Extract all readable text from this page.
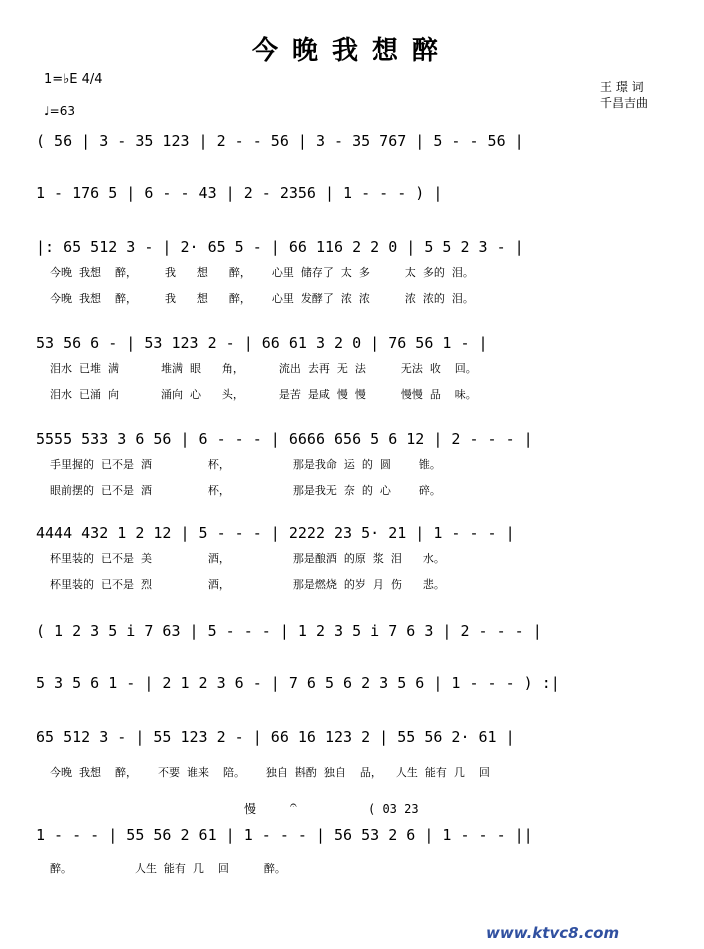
今晚我想醉
1=♭E 4/4
♩=63
王 璟 词
千昌吉曲
( 56 | 3 - 35 123 | 2 - - 56 | 3 - 35 767 | 5 - - 56 |
1 - 176 5 | 6 - - 43 | 2 - 2356 | 1 - - - ) |
|: 65 512 3 - | 2· 65 5 - | 66 116 2 2 0 | 5 5 2 3 - |
今晚  我想    醉，        我      想      醉，      心里  储存了  太  多          太  多的  泪。
今晚  我想    醉，        我      想      醉，      心里  发酵了  浓  浓          浓  浓的  泪。
53 56 6 - | 53 123 2 - | 66 61 3 2 0 | 76 56 1 - |
泪水  已堆  满            堆满  眼      角，          流出  去再  无  法          无法  收    回。
泪水  已涌  向            涌向  心      头，          是苦  是咸  慢  慢          慢慢  品    味。
5555 533 3 6 56 | 6 - - - | 6666 656 5 6 12 | 2 - - - |
手里握的  已不是  酒                杯，                  那是我命  运  的  圆        锥。
眼前摆的  已不是  酒                杯，                  那是我无  奈  的  心        碎。
4444 432 1 2 12 | 5 - - - | 2222 23 5· 21 | 1 - - - |
杯里装的  已不是  美                酒，                  那是酿酒  的原  浆  泪      水。
杯里装的  已不是  烈                酒，                  那是燃烧  的岁  月  伤      悲。
( 1 2 3 5 i 7 63 | 5 - - - | 1 2 3 5 i 7 6 3 | 2 - - - |
5 3 5 6 1 - | 2 1 2 3 6 - | 7 6 5 6 2 3 5 6 | 1 - - - ) :|
65 512 3 - | 55 123 2 - | 66 16 123 2 | 55 56 2· 61 |
今晚  我想    醉，      不要  谁来    陪。      独自  斟酌  独自    品，    人生  能有  几    回
慢	𝄐	( 03 23
1 - - - | 55 56 2 61 | 1 - - - | 56 53 2 6 | 1 - - - ||
醉。                  人生  能有  几    回          醉。
www.ktvc8.com
